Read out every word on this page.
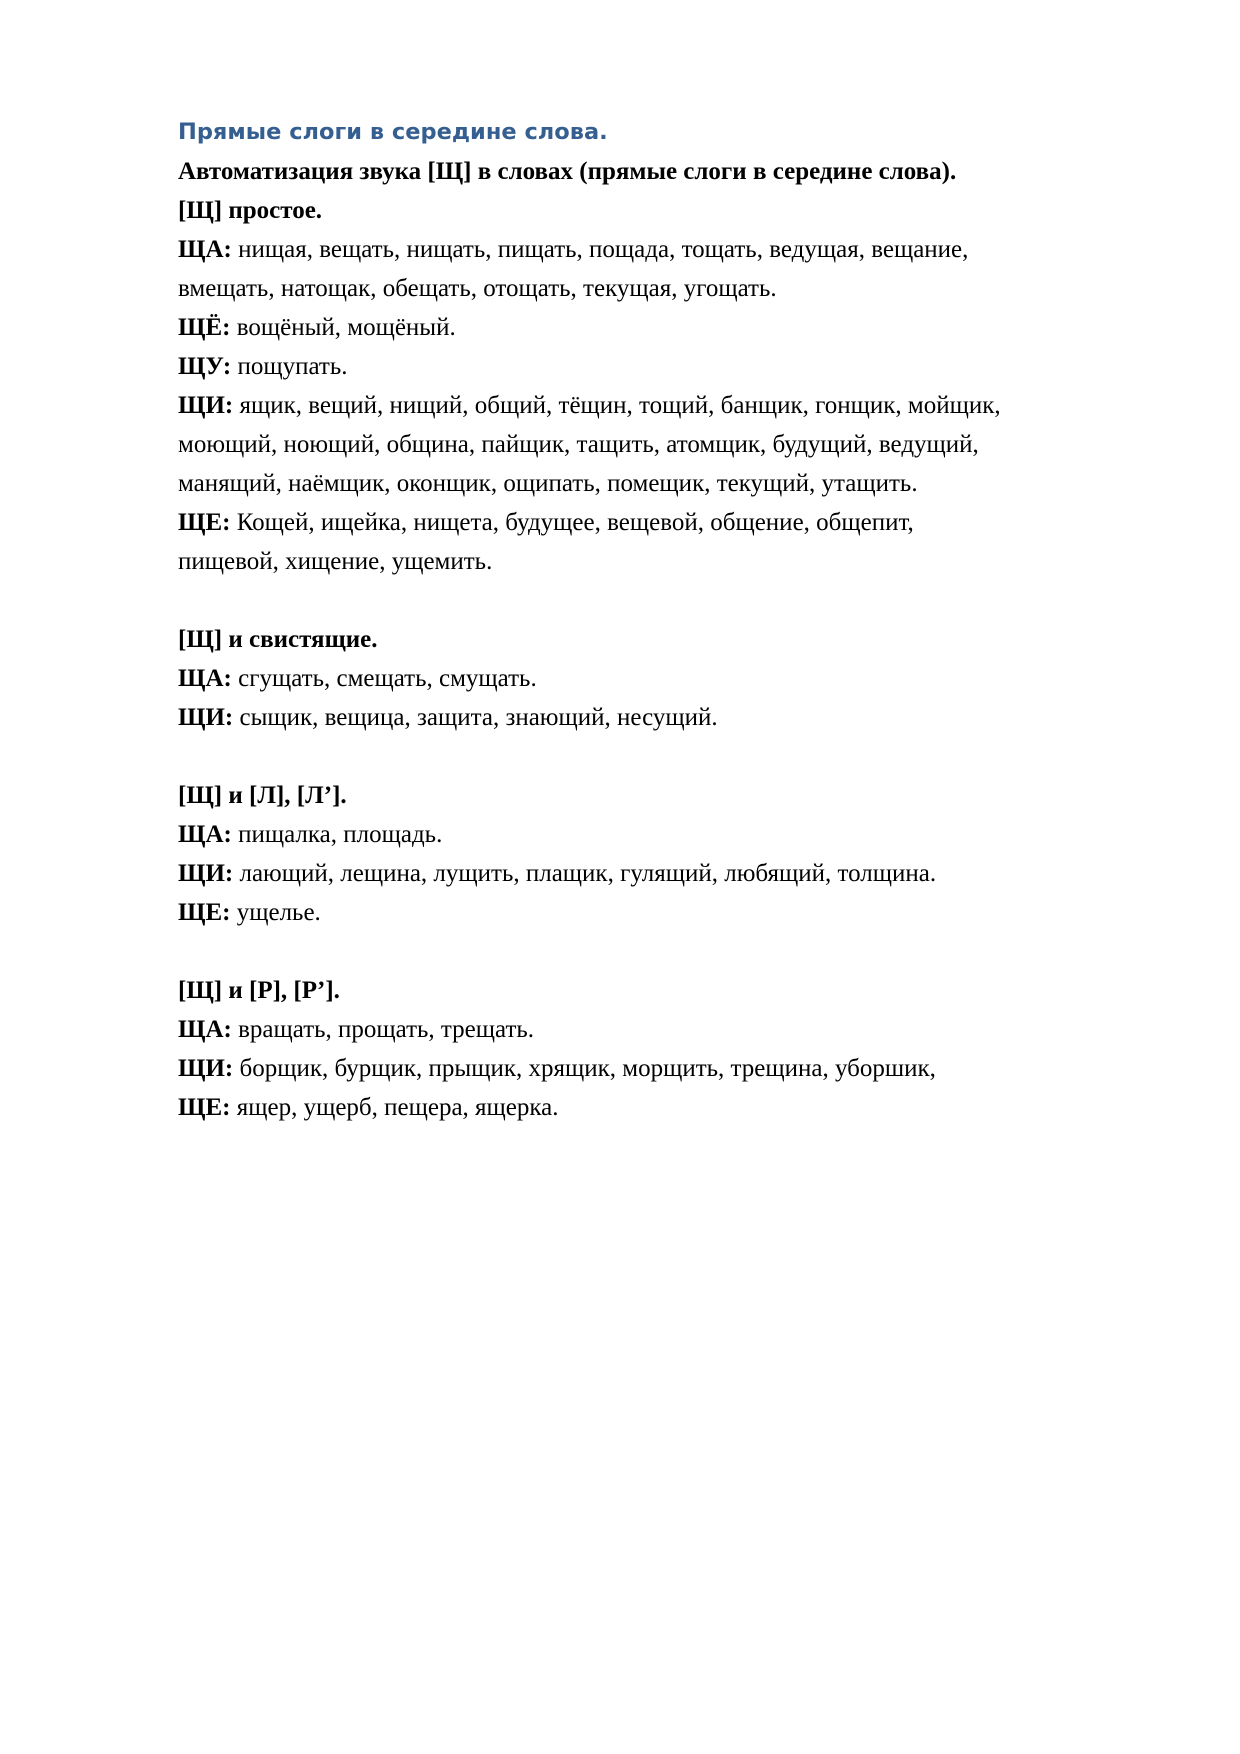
Прямые слоги в середине слова.

Автоматизация звука [Щ] в словах (прямые слоги в середине слова).

[Щ] простое.

ЩА: нищая, вещать, нищать, пищать, пощада, тощать, ведущая, вещание,

вмещать, натощак, обещать, отощать, текущая, угощать.

ЩЁ: вощёный, мощёный.

ЩУ: пощупать.

ЩИ: ящик, вещий, нищий, общий, тёщин, тощий, банщик, гонщик, мойщик,

моющий, ноющий, община, пайщик, тащить, атомщик, будущий, ведущий,

манящий, наёмщик, оконщик, ощипать, помещик, текущий, утащить.

ЩЕ: Кощей, ищейка, нищета, будущее, вещевой, общение, общепит,

пищевой, хищение, ущемить.

[Щ] и свистящие.

ЩА: сгущать, смещать, смущать.

ЩИ: сыщик, вещица, защита, знающий, несущий.

[Щ] и [Л], [Л’].

ЩА: пищалка, площадь.

ЩИ: лающий, лещина, лущить, плащик, гулящий, любящий, толщина.

ЩЕ: ущелье.

[Щ] и [Р], [Р’].

ЩА: вращать, прощать, трещать.

ЩИ: борщик, бурщик, прыщик, хрящик, морщить, трещина, уборшик,

ЩЕ: ящер, ущерб, пещера, ящерка.
